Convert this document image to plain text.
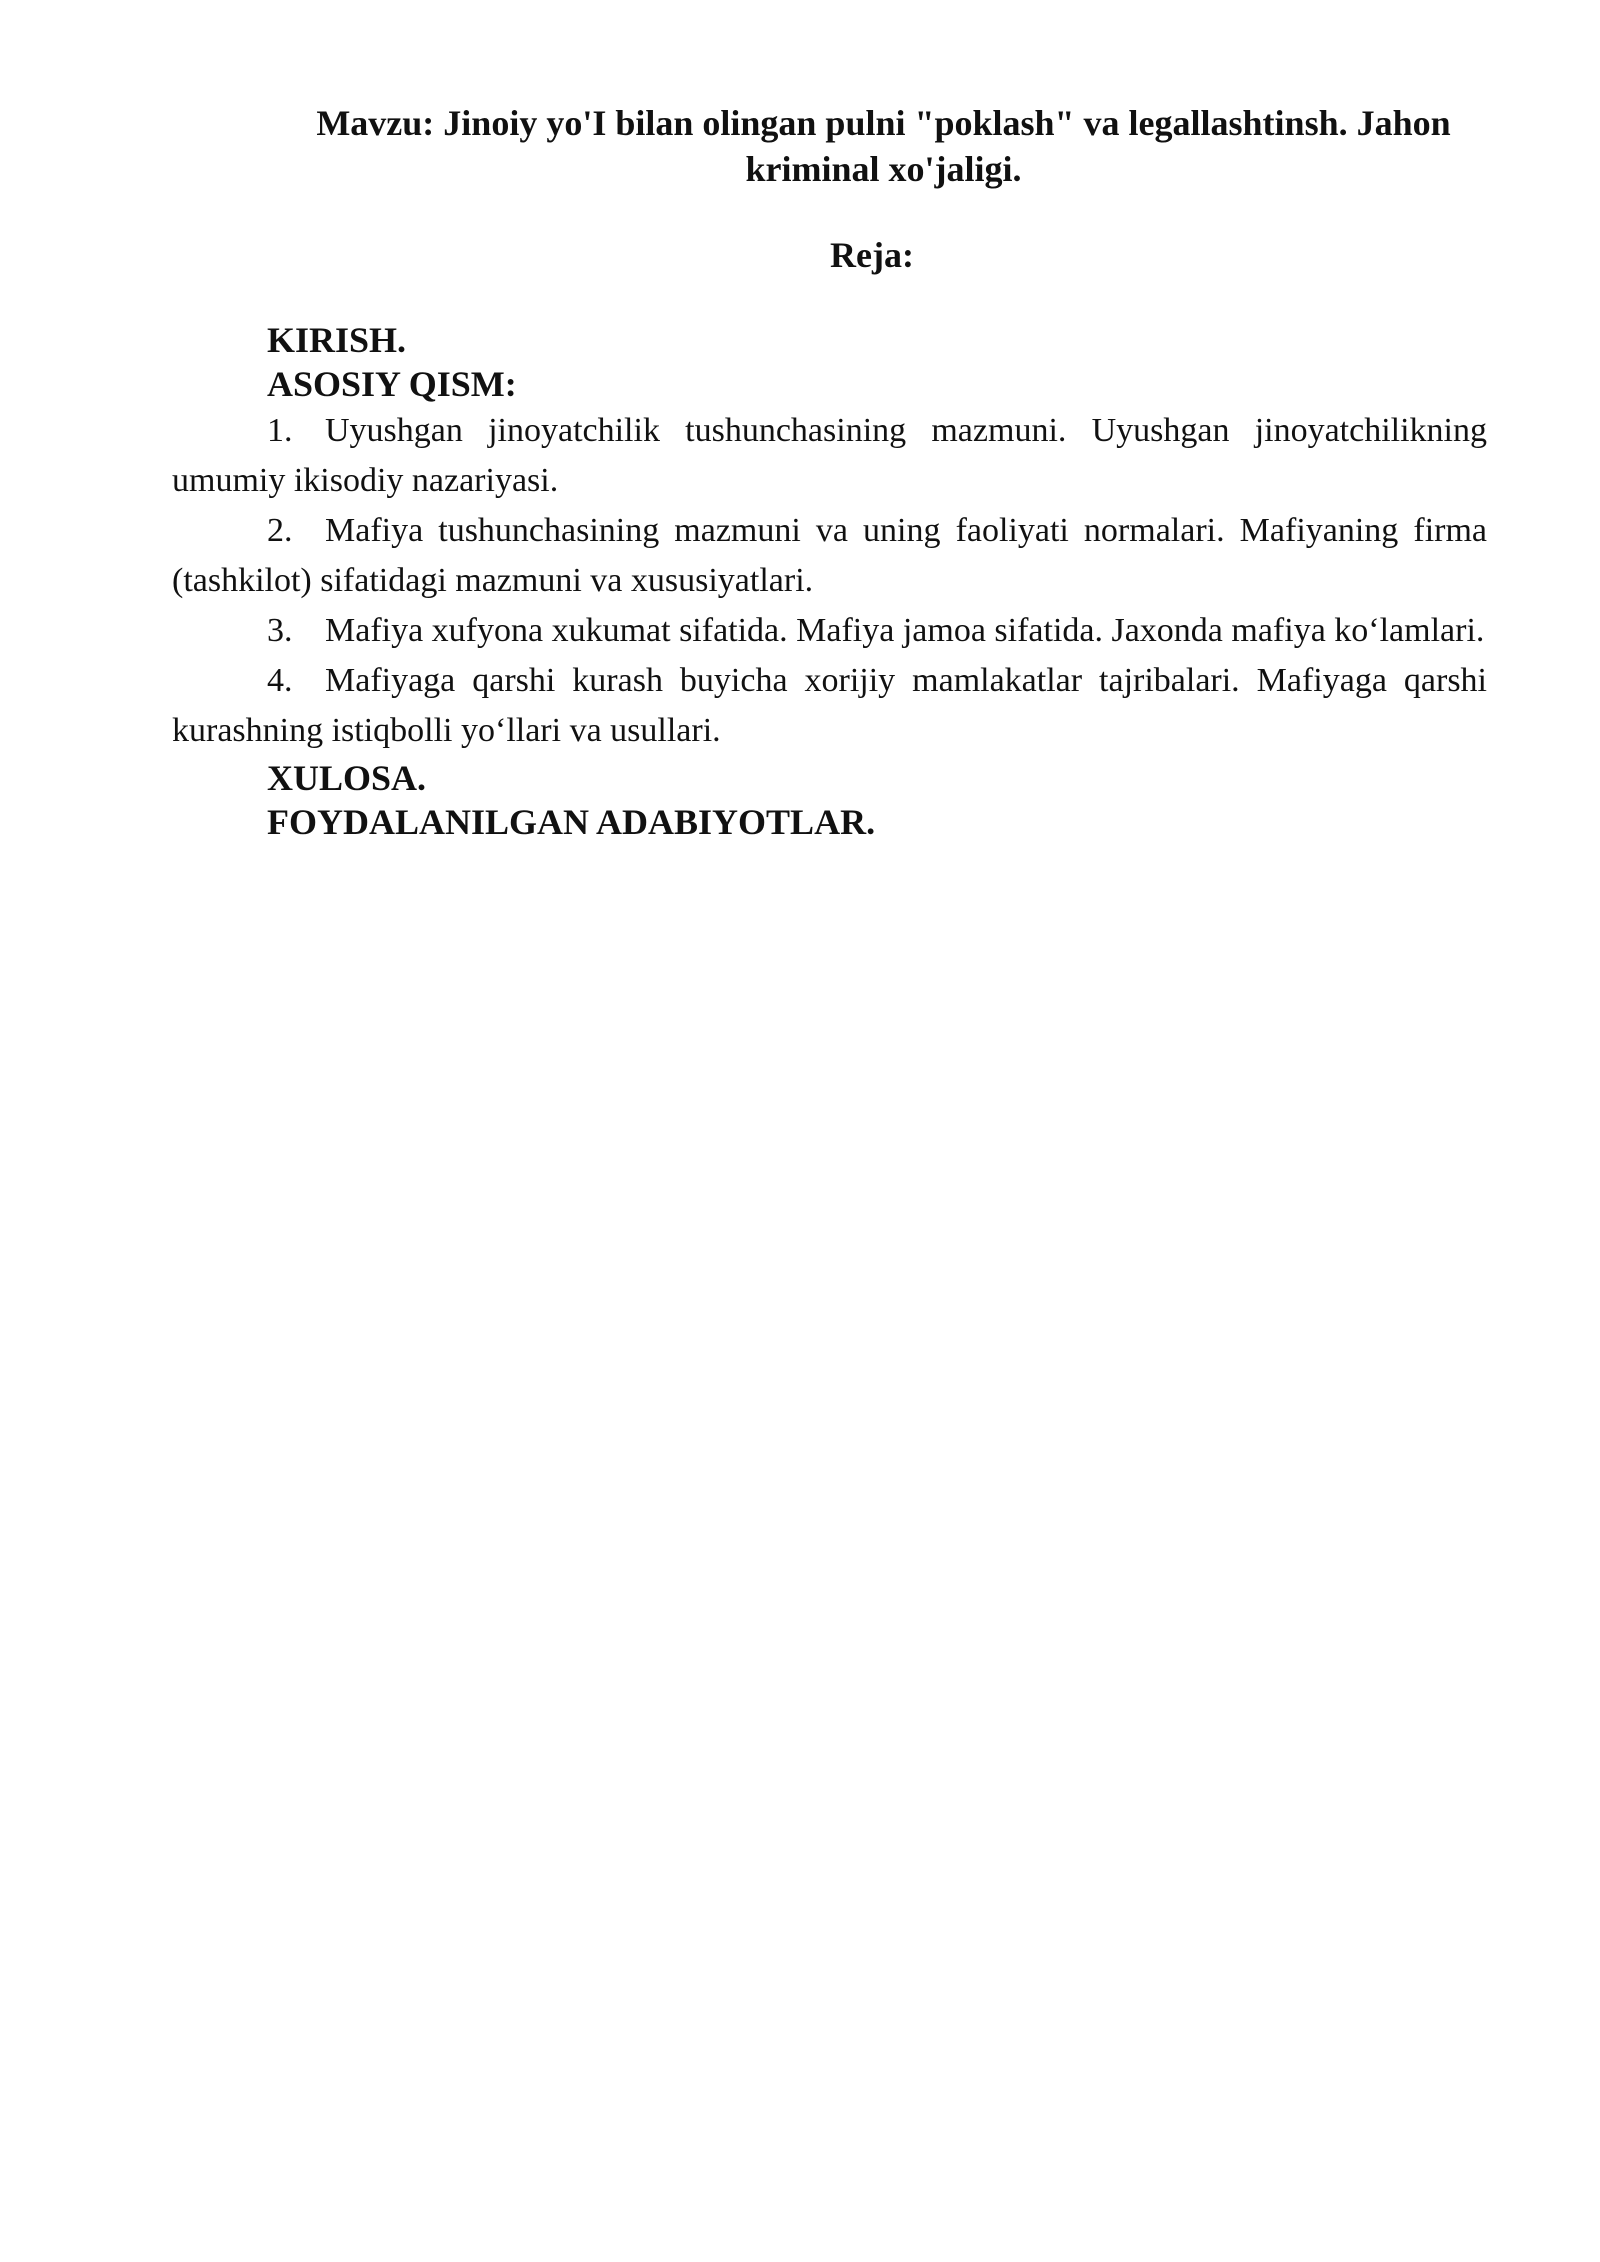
Mavzu: Jinoiy yo'I bilan olingan pulni "poklash" va legallashtinsh. Jahon
kriminal xo'jaligi.
Reja:

KIRISH.

ASOSIY QISM:

1. Uyushgan jinoyatchilik tushunchasining mazmuni. Uyushgan jinoyatchilikning umumiy ikisodiy nazariyasi.

2. Mafiya tushunchasining mazmuni va uning faoliyati normalari. Mafiyaning firma (tashkilot) sifatidagi mazmuni va xususiyatlari.

3. Mafiya xufyona xukumat sifatida. Mafiya jamoa sifatida. Jaxonda mafiya ko‘lamlari.

4. Mafiyaga qarshi kurash buyicha xorijiy mamlakatlar tajribalari. Mafiyaga qarshi kurashning istiqbolli yo‘llari va usullari.

XULOSA.

FOYDALANILGAN ADABIYOTLAR.
